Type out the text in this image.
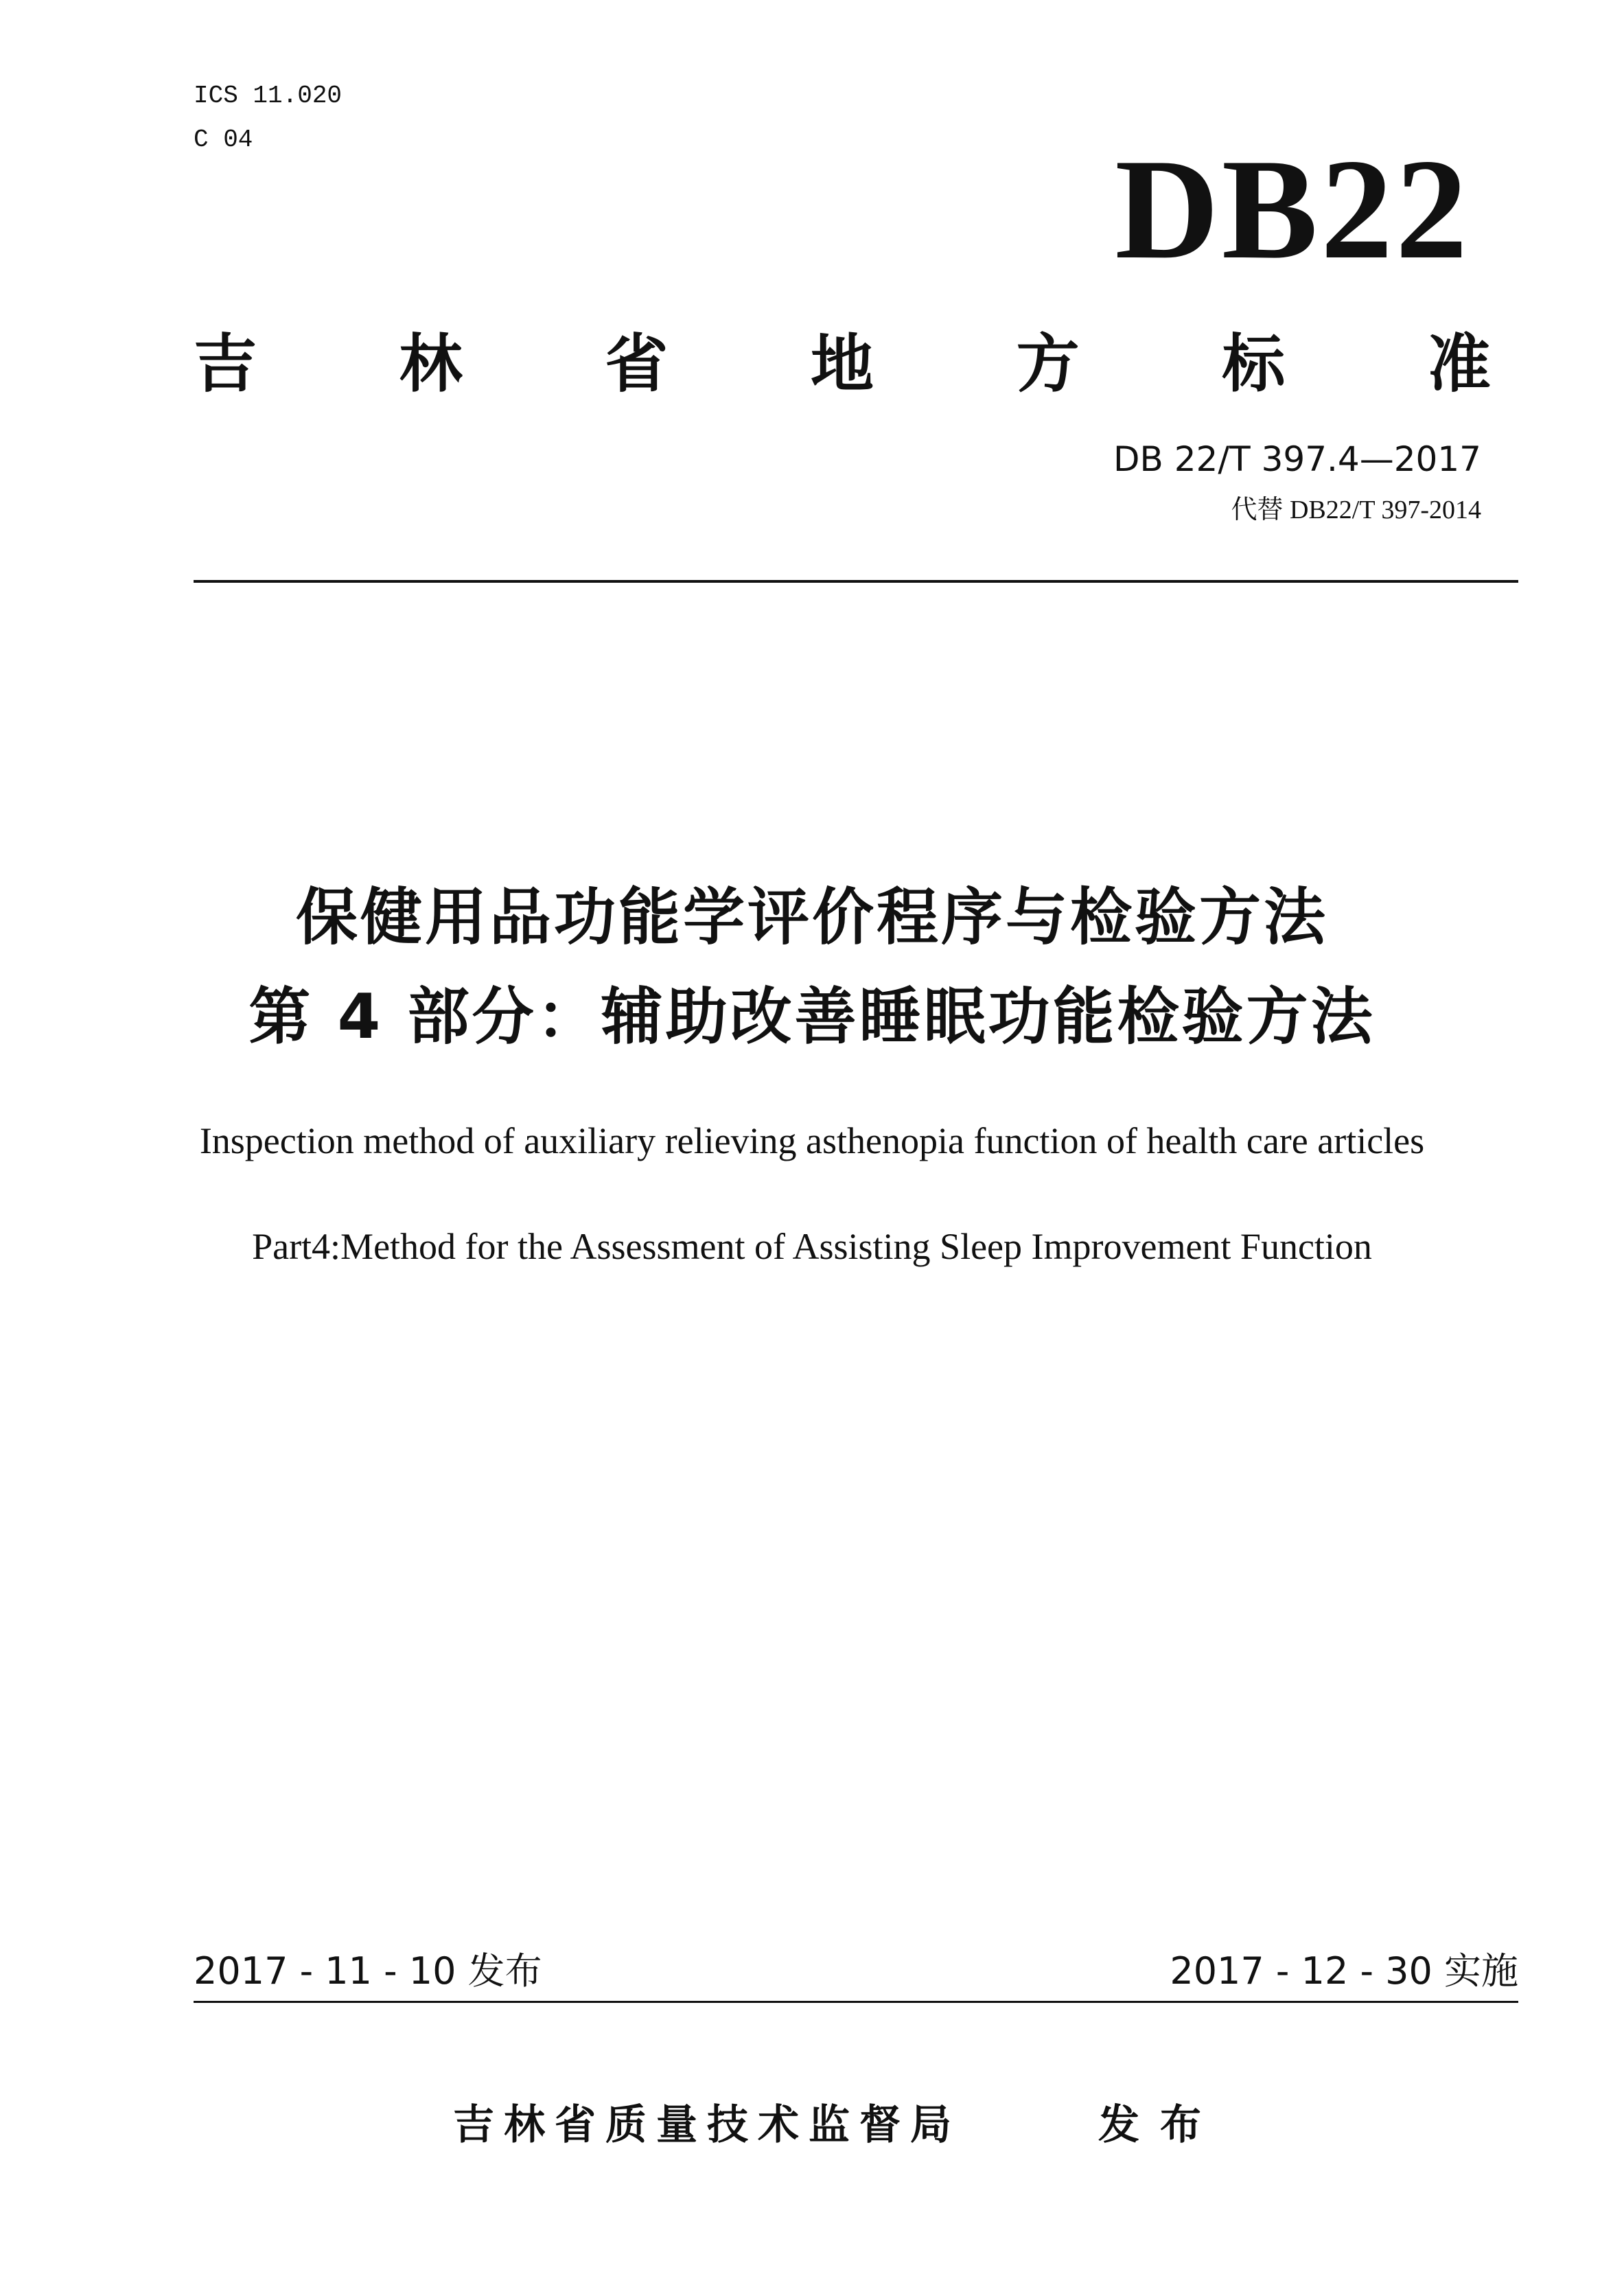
ICS 11.020
C 04	DB22
吉 林 省 地 方 标 准
DB 22/T 397.4—2017
代替 DB22/T 397-2014
保健用品功能学评价程序与检验方法
第 4 部分：辅助改善睡眠功能检验方法
Inspection method of auxiliary relieving asthenopia function of health care articles
Part4:Method for the Assessment of Assisting Sleep Improvement Function
2017 - 11 - 10 发布	2017 - 12 - 30 实施
吉林省质量技术监督局	发布
